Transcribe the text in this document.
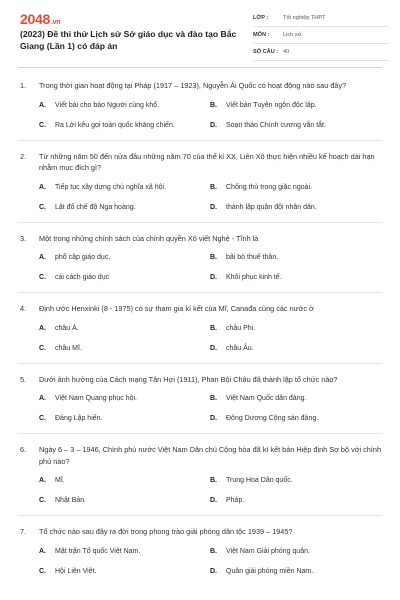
2048.vn
(2023) Đề thi thử Lịch sử Sở giáo dục và đào tạo Bắc Giang (Lần 1) có đáp án
LỚP :	Tốt nghiệp THPT
MÔN : Lịch sử
SỐ CÂU : 40
1.	Trong thời gian hoạt động tại Pháp (1917 – 1923), Nguyễn Ái Quốc có hoạt động nào sau đây?
A.	Viết bài cho báo Người cùng khổ.	B.	Viết bản Tuyên ngôn độc lập.
C.	Ra Lời kêu gọi toàn quốc kháng chiến.	D.	Soạn thảo Chính cương vắn tắt.
2.	Từ những năm 50 đến nửa đầu những năm 70 của thế kỉ XX, Liên Xô thực hiện nhiều kế hoạch dài hạn nhằm mục đích gì?
A.	Tiếp tục xây dựng chủ nghĩa xã hội.	B.	Chống thù trong giặc ngoài.
C.	Lật đổ chế độ Nga hoàng.	D.	thành lập quân đội nhân dân.
3.	Một trong những chính sách của chính quyền Xô viết Nghệ - Tĩnh là
A.	phổ cập giáo dục.	B.	bãi bỏ thuế thân.
C.	cải cách giáo dục	D.	Khôi phục kinh tế.
4.	Định ước Henxinki (8 - 1975) có sự tham gia kí kết của Mĩ, Canađa cùng các nước ở
A.	châu Á.	B.	châu Phi.
C.	châu Mĩ.	D.	châu Âu.
5.	Dưới ảnh hưởng của Cách mạng Tân Hợi (1911), Phan Bội Châu đã thành lập tổ chức nào?
A.	Việt Nam Quang phục hội.	B.	Việt Nam Quốc dân đảng.
C.	Đảng Lập hiến.	D.	Đông Dương Cộng sản đảng.
6.	Ngày 6 – 3 – 1946, Chính phủ nước Việt Nam Dân chủ Cộng hòa đã kí kết bản Hiệp định Sơ bộ với chính phủ nào?
A.	Mĩ.	B.	Trung Hoa Dân quốc.
C.	Nhật Bản.	D.	Pháp.
7.	Tổ chức nào sau đây ra đời trong phong trào giải phóng dân tộc 1939 – 1945?
A.	Mặt trận Tổ quốc Việt Nam.	B.	Việt Nam Giải phóng quân.
C.	Hội Liên Việt.	D.	Quân giải phóng miền Nam.
